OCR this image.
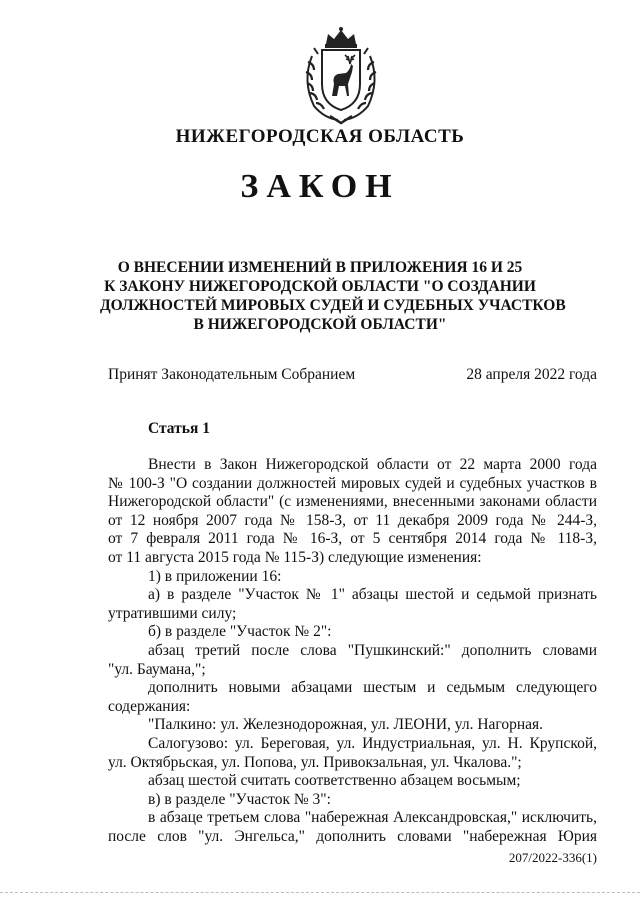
НИЖЕГОРОДСКАЯ ОБЛАСТЬ
ЗАКОН
О ВНЕСЕНИИ ИЗМЕНЕНИЙ В ПРИЛОЖЕНИЯ 16 И 25
К ЗАКОНУ НИЖЕГОРОДСКОЙ ОБЛАСТИ "О СОЗДАНИИ
ДОЛЖНОСТЕЙ МИРОВЫХ СУДЕЙ И СУДЕБНЫХ УЧАСТКОВ
В НИЖЕГОРОДСКОЙ ОБЛАСТИ"
Принят Законодательным Собранием	28 апреля 2022 года
Статья 1

Внести в Закон Нижегородской области от 22 марта 2000 года

№ 100-З "О создании должностей мировых судей и судебных участков в

Нижегородской области" (с изменениями, внесенными законами области

от 12 ноября 2007 года № 158-З, от 11 декабря 2009 года № 244-З,

от 7 февраля 2011 года № 16-З, от 5 сентября 2014 года № 118-З,

от 11 августа 2015 года № 115-З) следующие изменения:

1) в приложении 16:

а) в разделе "Участок № 1" абзацы шестой и седьмой признать

утратившими силу;

б) в разделе "Участок № 2":

абзац третий после слова "Пушкинский:" дополнить словами

"ул. Баумана,";

дополнить новыми абзацами шестым и седьмым следующего

содержания:

"Палкино: ул. Железнодорожная, ул. ЛЕОНИ, ул. Нагорная.

Салогузово: ул. Береговая, ул. Индустриальная, ул. Н. Крупской,

ул. Октябрьская, ул. Попова, ул. Привокзальная, ул. Чкалова.";

абзац шестой считать соответственно абзацем восьмым;

в) в разделе "Участок № 3":

в абзаце третьем слова "набережная Александровская," исключить,

после слов "ул. Энгельса," дополнить словами "набережная Юрия

207/2022-336(1)
